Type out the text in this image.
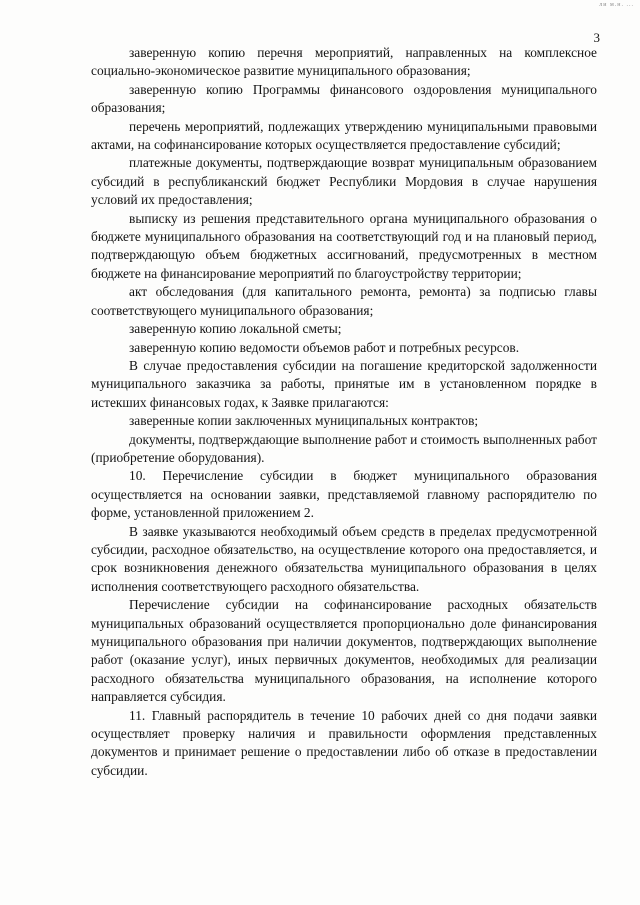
ли м.н. ...
3

заверенную копию перечня мероприятий, направленных на комплексное социально-экономическое развитие муниципального образования;

заверенную копию Программы финансового оздоровления муниципального образования;

перечень мероприятий, подлежащих утверждению муниципальными правовыми актами, на софинансирование которых осуществляется предоставление субсидий;

платежные документы, подтверждающие возврат муниципальным образованием субсидий в республиканский бюджет Республики Мордовия в случае нарушения условий их предоставления;

выписку из решения представительного органа муниципального образования о бюджете муниципального образования на соответствующий год и на плановый период, подтверждающую объем бюджетных ассигнований, предусмотренных в местном бюджете на финансирование мероприятий по благоустройству территории;

акт обследования (для капитального ремонта, ремонта) за подписью главы соответствующего муниципального образования;

заверенную копию локальной сметы;

заверенную копию ведомости объемов работ и потребных ресурсов.

В случае предоставления субсидии на погашение кредиторской задолженности муниципального заказчика за работы, принятые им в установленном порядке в истекших финансовых годах, к Заявке прилагаются:

заверенные копии заключенных муниципальных контрактов;

документы, подтверждающие выполнение работ и стоимость выполненных работ (приобретение оборудования).

10. Перечисление субсидии в бюджет муниципального образования осуществляется на основании заявки, представляемой главному распорядителю по форме, установленной приложением 2.

В заявке указываются необходимый объем средств в пределах предусмотренной субсидии, расходное обязательство, на осуществление которого она предоставляется, и срок возникновения денежного обязательства муниципального образования в целях исполнения соответствующего расходного обязательства.

Перечисление субсидии на софинансирование расходных обязательств муниципальных образований осуществляется пропорционально доле финансирования муниципального образования при наличии документов, подтверждающих выполнение работ (оказание услуг), иных первичных документов, необходимых для реализации расходного обязательства муниципального образования, на исполнение которого направляется субсидия.

11. Главный распорядитель в течение 10 рабочих дней со дня подачи заявки осуществляет проверку наличия и правильности оформления представленных документов и принимает решение о предоставлении либо об отказе в предоставлении субсидии.
